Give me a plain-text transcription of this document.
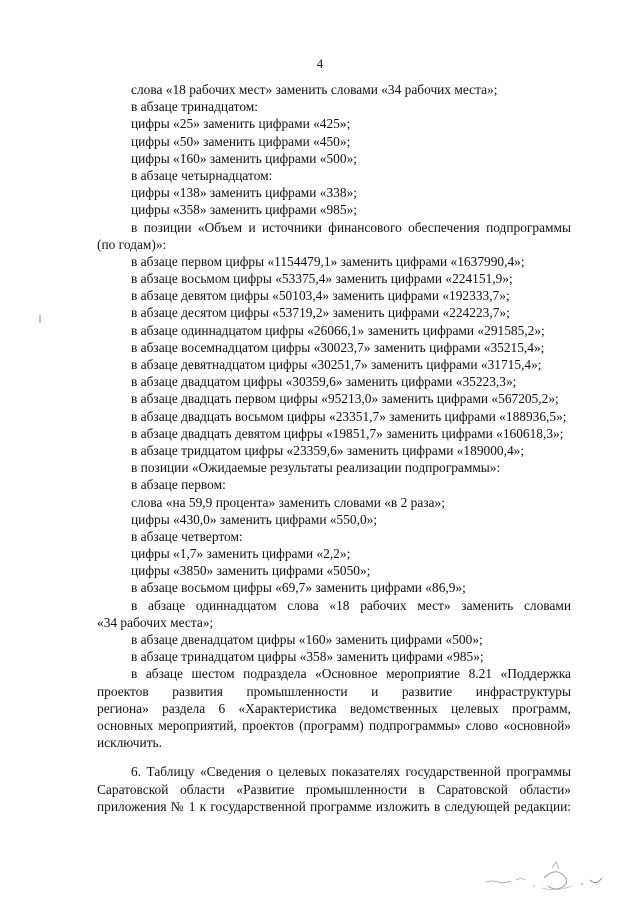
4
слова «18 рабочих мест» заменить словами «34 рабочих места»;
в абзаце тринадцатом:
цифры «25» заменить цифрами «425»;
цифры «50» заменить цифрами «450»;
цифры «160» заменить цифрами «500»;
в абзаце четырнадцатом:
цифры «138» заменить цифрами «338»;
цифры «358» заменить цифрами «985»;
в позиции «Объем и источники финансового обеспечения подпрограммы
(по годам)»:
в абзаце первом цифры «1154479,1» заменить цифрами «1637990,4»;
в абзаце восьмом цифры «53375,4» заменить цифрами «224151,9»;
в абзаце девятом цифры «50103,4» заменить цифрами «192333,7»;
в абзаце десятом цифры «53719,2» заменить цифрами «224223,7»;
в абзаце одиннадцатом цифры «26066,1» заменить цифрами «291585,2»;
в абзаце восемнадцатом цифры «30023,7» заменить цифрами «35215,4»;
в абзаце девятнадцатом цифры «30251,7» заменить цифрами «31715,4»;
в абзаце двадцатом цифры «30359,6» заменить цифрами «35223,3»;
в абзаце двадцать первом цифры «95213,0» заменить цифрами «567205,2»;
в абзаце двадцать восьмом цифры «23351,7» заменить цифрами «188936,5»;
в абзаце двадцать девятом цифры «19851,7» заменить цифрами «160618,3»;
в абзаце тридцатом цифры «23359,6» заменить цифрами «189000,4»;
в позиции «Ожидаемые результаты реализации подпрограммы»:
в абзаце первом:
слова «на 59,9 процента» заменить словами «в 2 раза»;
цифры «430,0» заменить цифрами «550,0»;
в абзаце четвертом:
цифры «1,7» заменить цифрами «2,2»;
цифры «3850» заменить цифрами «5050»;
в абзаце восьмом цифры «69,7» заменить цифрами «86,9»;
в абзаце одиннадцатом слова «18 рабочих мест» заменить словами
«34 рабочих места»;
в абзаце двенадцатом цифры «160» заменить цифрами «500»;
в абзаце тринадцатом цифры «358» заменить цифрами «985»;
в абзаце шестом подраздела «Основное мероприятие 8.21 «Поддержка
проектов развития промышленности и развитие инфраструктуры
региона» раздела 6 «Характеристика ведомственных целевых программ,
основных мероприятий, проектов (программ) подпрограммы» слово «основной»
исключить.
6. Таблицу «Сведения о целевых показателях государственной программы
Саратовской области «Развитие промышленности в Саратовской области»
приложения № 1 к государственной программе изложить в следующей редакции:
